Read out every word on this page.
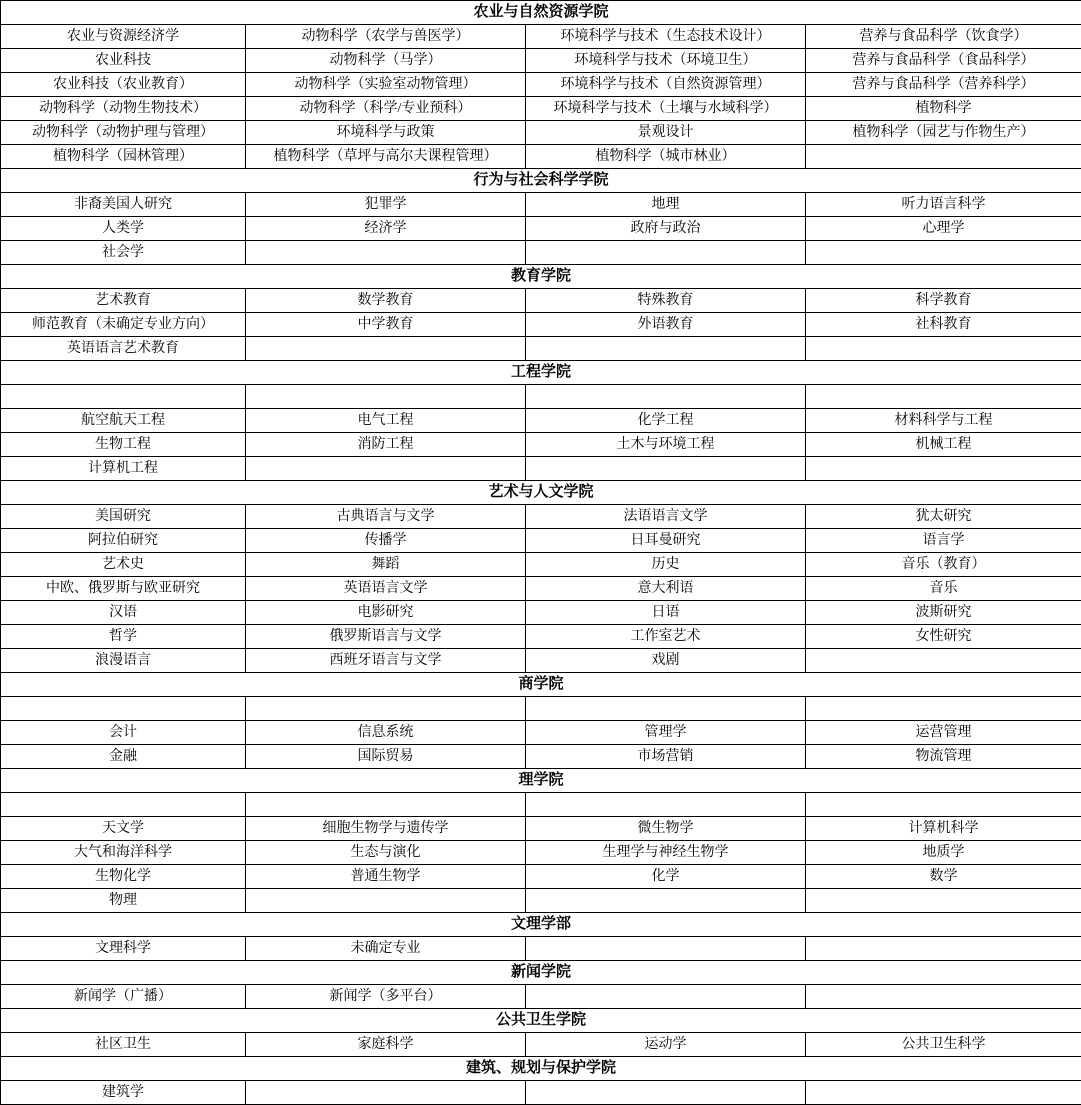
农业与自然资源学院			
农业与资源经济学	动物科学（农学与兽医学）	环境科学与技术（生态技术设计）	营养与食品科学（饮食学）
农业科技	动物科学（马学）	环境科学与技术（环境卫生）	营养与食品科学（食品科学）
农业科技（农业教育）	动物科学（实验室动物管理）	环境科学与技术（自然资源管理）	营养与食品科学（营养科学）
动物科学（动物生物技术）	动物科学（科学/专业预科）	环境科学与技术（土壤与水域科学）	植物科学
动物科学（动物护理与管理）	环境科学与政策	景观设计	植物科学（园艺与作物生产）
植物科学（园林管理）	植物科学（草坪与高尔夫课程管理）	植物科学（城市林业）	
行为与社会科学学院			
非裔美国人研究	犯罪学	地理	听力语言科学
人类学	经济学	政府与政治	心理学
社会学			
教育学院			
艺术教育	数学教育	特殊教育	科学教育
师范教育（未确定专业方向）	中学教育	外语教育	社科教育
英语语言艺术教育			
工程学院			

航空航天工程	电气工程	化学工程	材料科学与工程
生物工程	消防工程	土木与环境工程	机械工程
计算机工程			
艺术与人文学院			
美国研究	古典语言与文学	法语语言文学	犹太研究
阿拉伯研究	传播学	日耳曼研究	语言学
艺术史	舞蹈	历史	音乐（教育）
中欧、俄罗斯与欧亚研究	英语语言文学	意大利语	音乐
汉语	电影研究	日语	波斯研究
哲学	俄罗斯语言与文学	工作室艺术	女性研究
浪漫语言	西班牙语言与文学	戏剧	
商学院			

会计	信息系统	管理学	运营管理
金融	国际贸易	市场营销	物流管理
理学院			

天文学	细胞生物学与遗传学	微生物学	计算机科学
大气和海洋科学	生态与演化	生理学与神经生物学	地质学
生物化学	普通生物学	化学	数学
物理			
文理学部			
文理科学	未确定专业		
新闻学院			
新闻学（广播）	新闻学（多平台）		
公共卫生学院			
社区卫生	家庭科学	运动学	公共卫生科学
建筑、规划与保护学院			
建筑学			
